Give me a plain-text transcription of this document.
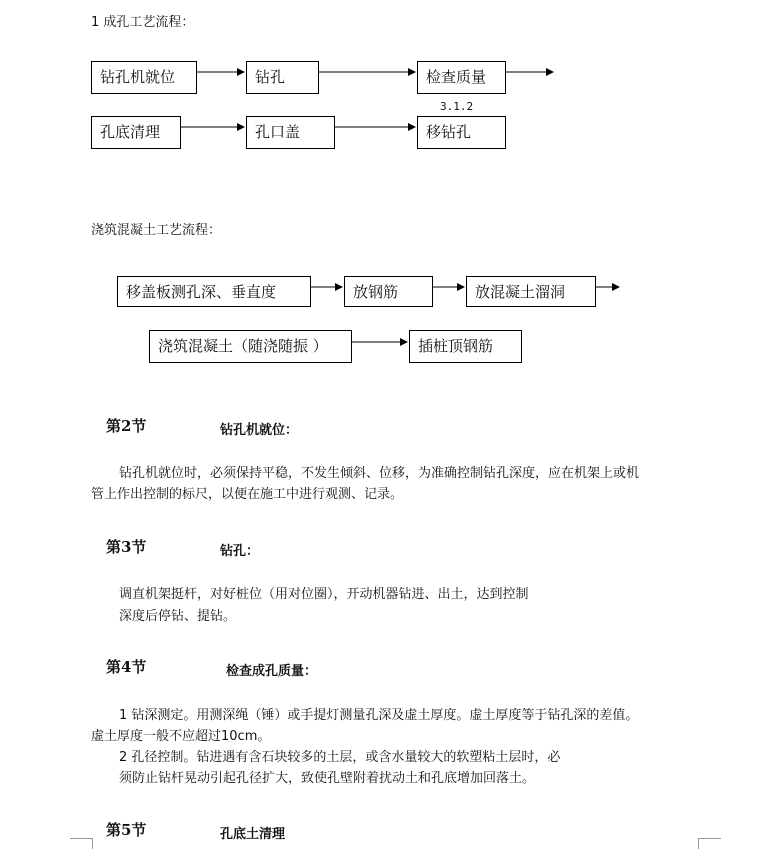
1 成孔工艺流程：
钻孔机就位	钻孔	检查质量
3.1.2
孔底清理	孔口盖	移钻孔
浇筑混凝土工艺流程：
移盖板测孔深、垂直度	放钢筋	放混凝土溜洞
浇筑混凝土（随浇随振 ）	插桩顶钢筋
第2节	钻孔机就位：
钻孔机就位时，必须保持平稳，不发生倾斜、位移，为准确控制钻孔深度，应在机架上或机
管上作出控制的标尺，以便在施工中进行观测、记录。
第3节	钻孔：
调直机架挺杆，对好桩位（用对位圈），开动机器钻进、出土，达到控制
深度后停钻、提钻。
第4节	检查成孔质量：
1 钻深测定。用测深绳（锤）或手提灯测量孔深及虚土厚度。虚土厚度等于钻孔深的差值。
虚土厚度一般不应超过10cm。
2 孔径控制。钻进遇有含石块较多的土层，或含水量较大的软塑粘土层时，必
须防止钻杆晃动引起孔径扩大，致使孔壁附着扰动土和孔底增加回落土。
第5节	孔底土清理
